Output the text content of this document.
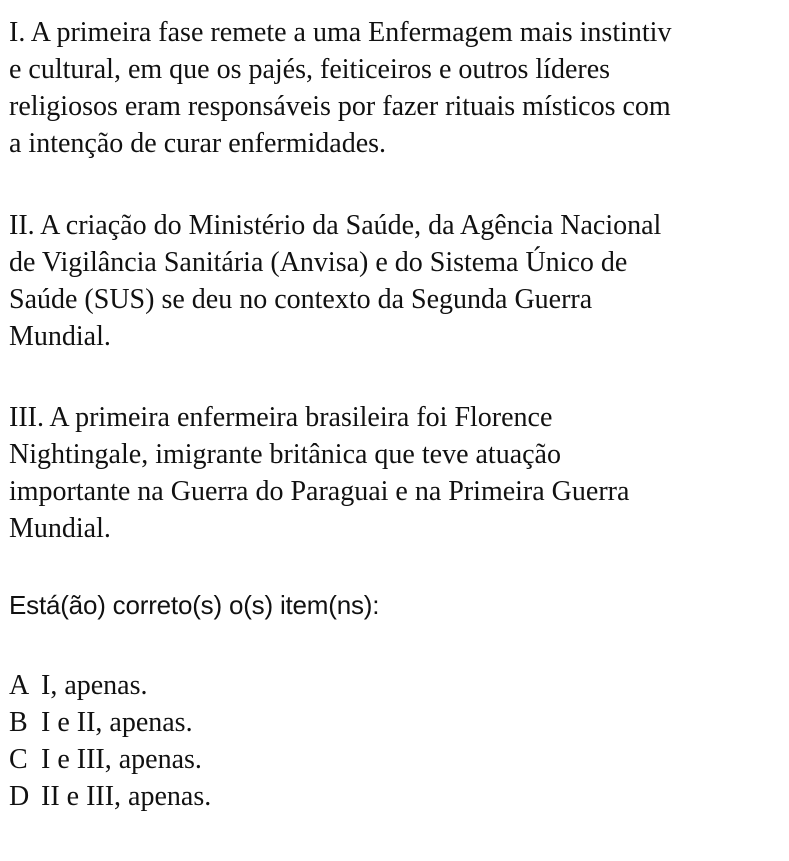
I. A primeira fase remete a uma Enfermagem mais instintiv
e cultural, em que os pajés, feiticeiros e outros líderes
religiosos eram responsáveis por fazer rituais místicos com
a intenção de curar enfermidades.

II. A criação do Ministério da Saúde, da Agência Nacional
de Vigilância Sanitária (Anvisa) e do Sistema Único de
Saúde (SUS) se deu no contexto da Segunda Guerra
Mundial.

III. A primeira enfermeira brasileira foi Florence
Nightingale, imigrante britânica que teve atuação
importante na Guerra do Paraguai e na Primeira Guerra
Mundial.

Está(ão) correto(s) o(s) item(ns):

A I, apenas.
B I e II, apenas.
C I e III, apenas.
D II e III, apenas.
